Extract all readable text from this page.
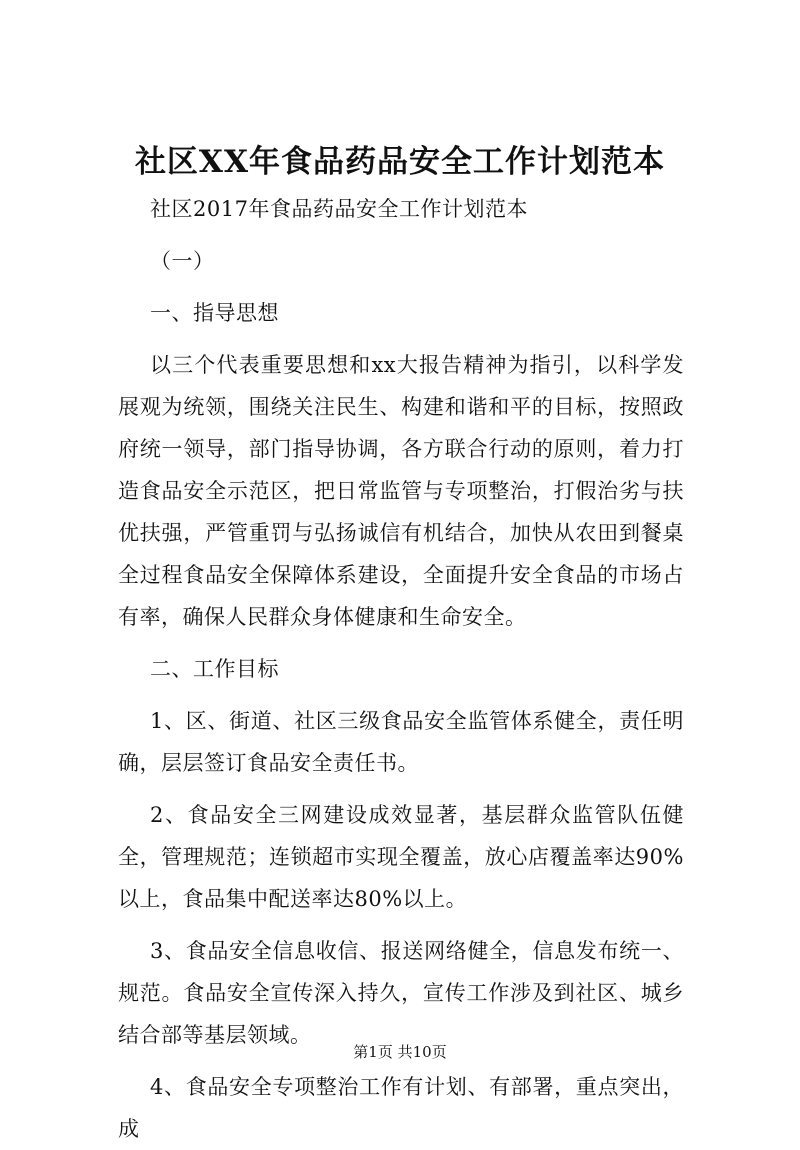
社区XX年食品药品安全工作计划范本

社区2017年食品药品安全工作计划范本

（一）

一、指导思想

以三个代表重要思想和xx大报告精神为指引，以科学发展观为统领，围绕关注民生、构建和谐和平的目标，按照政府统一领导，部门指导协调，各方联合行动的原则，着力打造食品安全示范区，把日常监管与专项整治，打假治劣与扶优扶强，严管重罚与弘扬诚信有机结合，加快从农田到餐桌全过程食品安全保障体系建设，全面提升安全食品的市场占有率，确保人民群众身体健康和生命安全。

二、工作目标

1、区、街道、社区三级食品安全监管体系健全，责任明确，层层签订食品安全责任书。

2、食品安全三网建设成效显著，基层群众监管队伍健全，管理规范；连锁超市实现全覆盖，放心店覆盖率达90%以上，食品集中配送率达80%以上。

3、食品安全信息收信、报送网络健全，信息发布统一、规范。食品安全宣传深入持久，宣传工作涉及到社区、城乡结合部等基层领域。

4、食品安全专项整治工作有计划、有部署，重点突出，成

第1页 共10页
